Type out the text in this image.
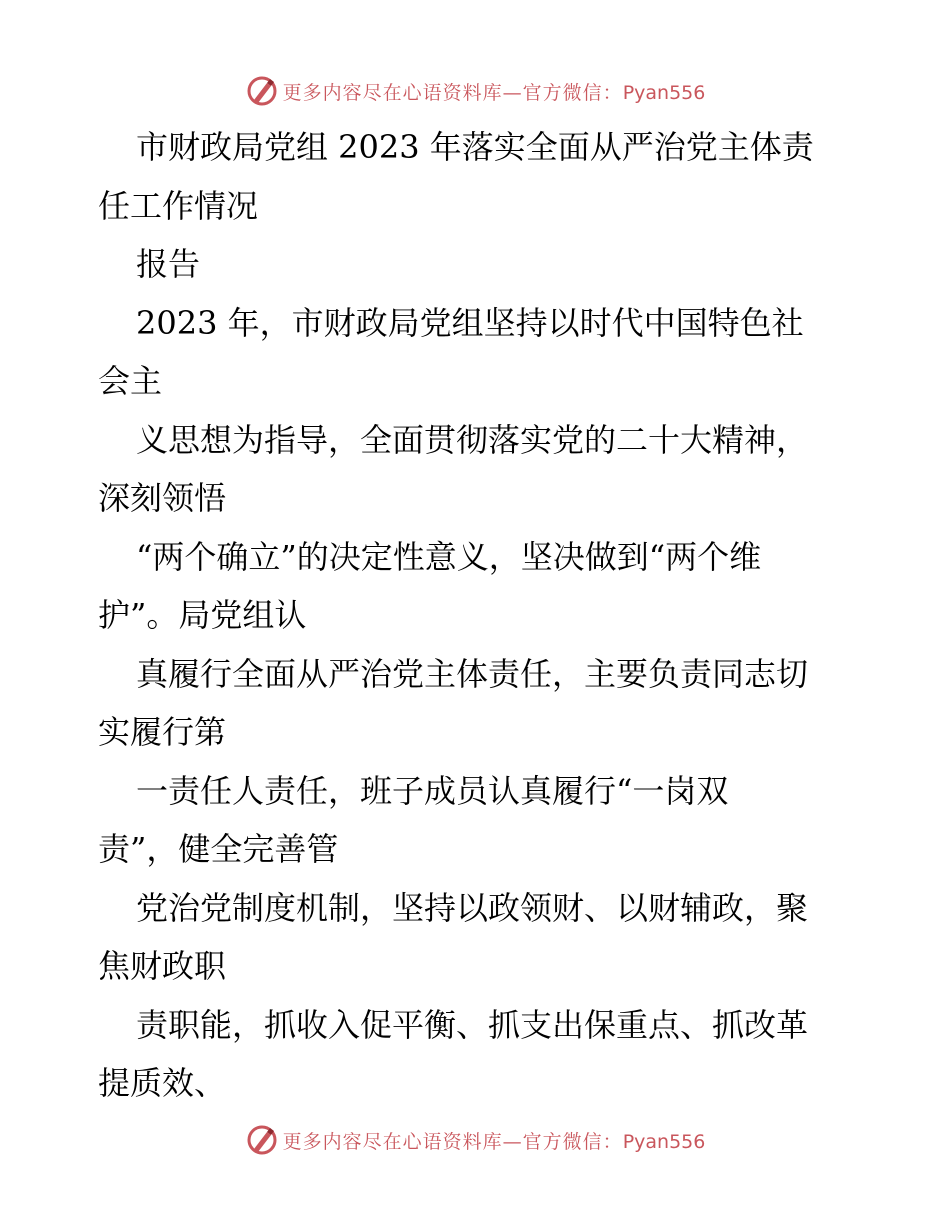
更多内容尽在心语资料库—官方微信：Pyan556
市财政局党组 2023 年落实全面从严治党主体责
任工作情况
报告
2023 年，市财政局党组坚持以时代中国特色社
会主
义思想为指导，全面贯彻落实党的二十大精神，
深刻领悟
“两个确立”的决定性意义，坚决做到“两个维
护”。局党组认
真履行全面从严治党主体责任，主要负责同志切
实履行第
一责任人责任，班子成员认真履行“一岗双
责”，健全完善管
党治党制度机制，坚持以政领财、以财辅政，聚
焦财政职
责职能，抓收入促平衡、抓支出保重点、抓改革
提质效、
更多内容尽在心语资料库—官方微信：Pyan556
